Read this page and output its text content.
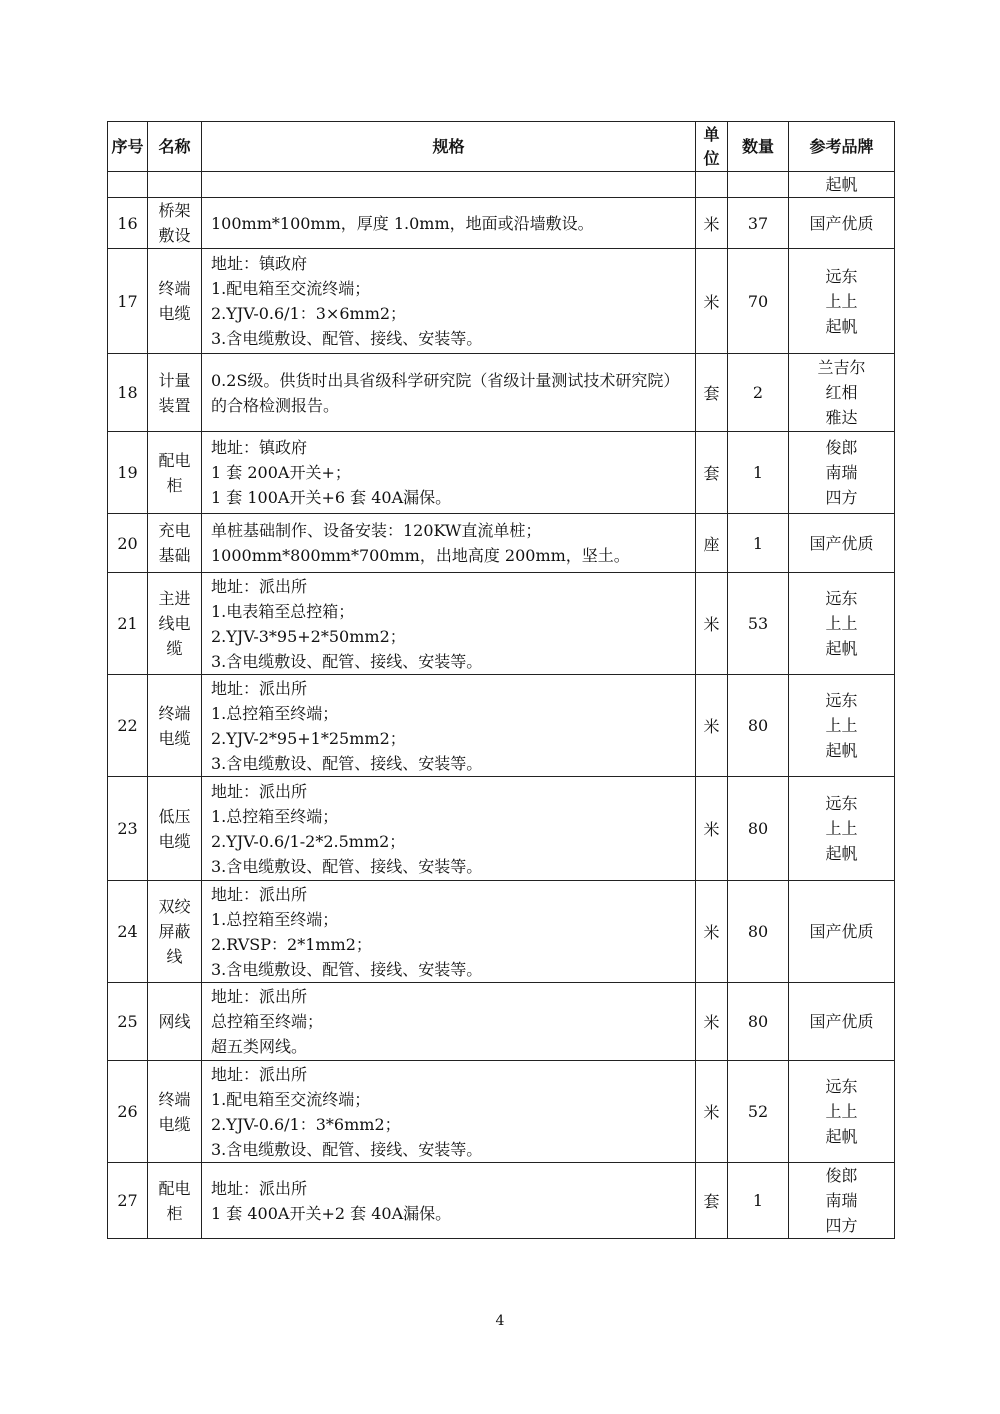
序号	名称	规格	单位	数量	参考品牌

					起帆

16	桥架
敷设	100mm*100mm，厚度 1.0mm，地面或沿墙敷设。	米	37	国产优质

17	终端
电缆	地址：镇政府
1.配电箱至交流终端；
2.YJV-0.6/1：3×6mm2；
3.含电缆敷设、配管、接线、安装等。	米	70	远东
上上
起帆

18	计量
装置	0.2S级。供货时出具省级科学研究院（省级计量测试技术研究院）的合格检测报告。	套	2	兰吉尔
红相
雅达

19	配电
柜	地址：镇政府
1 套 200A开关+；
1 套 100A开关+6 套 40A漏保。	套	1	俊郎
南瑞
四方

20	充电
基础	单桩基础制作、设备安装：120KW直流单桩；
1000mm*800mm*700mm，出地高度 200mm，坚土。	座	1	国产优质

21	主进
线电
缆	地址：派出所
1.电表箱至总控箱；
2.YJV-3*95+2*50mm2；
3.含电缆敷设、配管、接线、安装等。	米	53	远东
上上
起帆

22	终端
电缆	地址：派出所
1.总控箱至终端；
2.YJV-2*95+1*25mm2；
3.含电缆敷设、配管、接线、安装等。	米	80	远东
上上
起帆

23	低压
电缆	地址：派出所
1.总控箱至终端；
2.YJV-0.6/1-2*2.5mm2；
3.含电缆敷设、配管、接线、安装等。	米	80	远东
上上
起帆

24	双绞
屏蔽
线	地址：派出所
1.总控箱至终端；
2.RVSP：2*1mm2；
3.含电缆敷设、配管、接线、安装等。	米	80	国产优质

25	网线	地址：派出所
总控箱至终端；
超五类网线。	米	80	国产优质

26	终端
电缆	地址：派出所
1.配电箱至交流终端；
2.YJV-0.6/1：3*6mm2；
3.含电缆敷设、配管、接线、安装等。	米	52	远东
上上
起帆

27	配电
柜	地址：派出所
1 套 400A开关+2 套 40A漏保。	套	1	俊郎
南瑞
四方
4
